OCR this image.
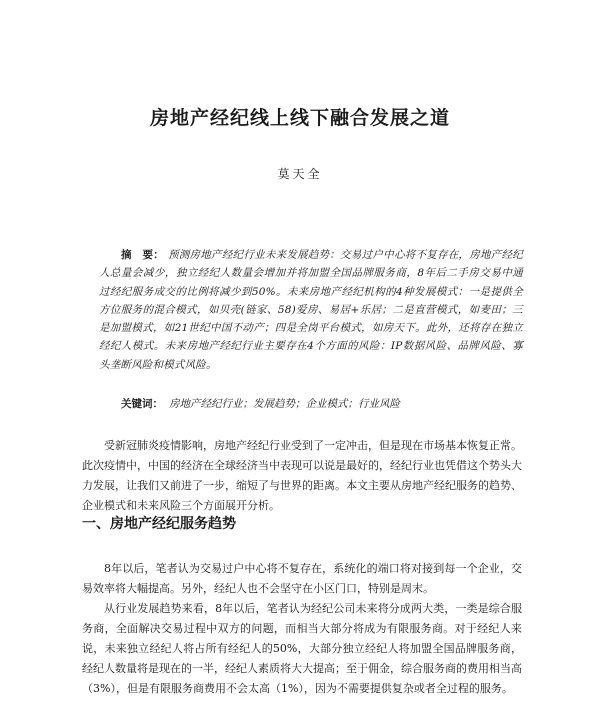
房地产经纪线上线下融合发展之道
莫天全
摘　要： 预测房地产经纪行业未来发展趋势：交易过户中心将不复存在，房地产经纪人总量会减少，独立经纪人数量会增加并将加盟全国品牌服务商，8年后二手房交易中通过经纪服务成交的比例将减少到50%。未来房地产经纪机构的4种发展模式：一是提供全方位服务的混合模式，如贝壳(链家、58)爱房、易居+乐居；二是直营模式，如麦田；三是加盟模式，如21世纪中国不动产；四是全岗平台模式，如房天下。此外，还将存在独立经纪人模式。未来房地产经纪行业主要存在4个方面的风险：IP数据风险、品牌风险、寡头垄断风险和模式风险。
关键词： 房地产经纪行业；发展趋势；企业模式；行业风险

受新冠肺炎疫情影响，房地产经纪行业受到了一定冲击，但是现在市场基本恢复正常。此次疫情中，中国的经济在全球经济当中表现可以说是最好的，经纪行业也凭借这个势头大力发展，让我们又前进了一步，缩短了与世界的距离。本文主要从房地产经纪服务的趋势、企业模式和未来风险三个方面展开分析。

一、房地产经纪服务趋势

8年以后，笔者认为交易过户中心将不复存在，系统化的端口将对接到每一个企业，交易效率将大幅提高。另外，经纪人也不会坚守在小区门口，特别是周末。

从行业发展趋势来看，8年以后，笔者认为经纪公司未来将分成两大类，一类是综合服务商，全面解决交易过程中双方的问题，而相当大部分将成为有限服务商。对于经纪人来说，未来独立经纪人将占所有经纪人的50%，大部分独立经纪人将加盟全国品牌服务商，经纪人数量将是现在的一半，经纪人素质将大大提高；至于佣金，综合服务商的费用相当高（3%），但是有限服务商费用不会太高（1%），因为不需要提供复杂或者全过程的服务。
